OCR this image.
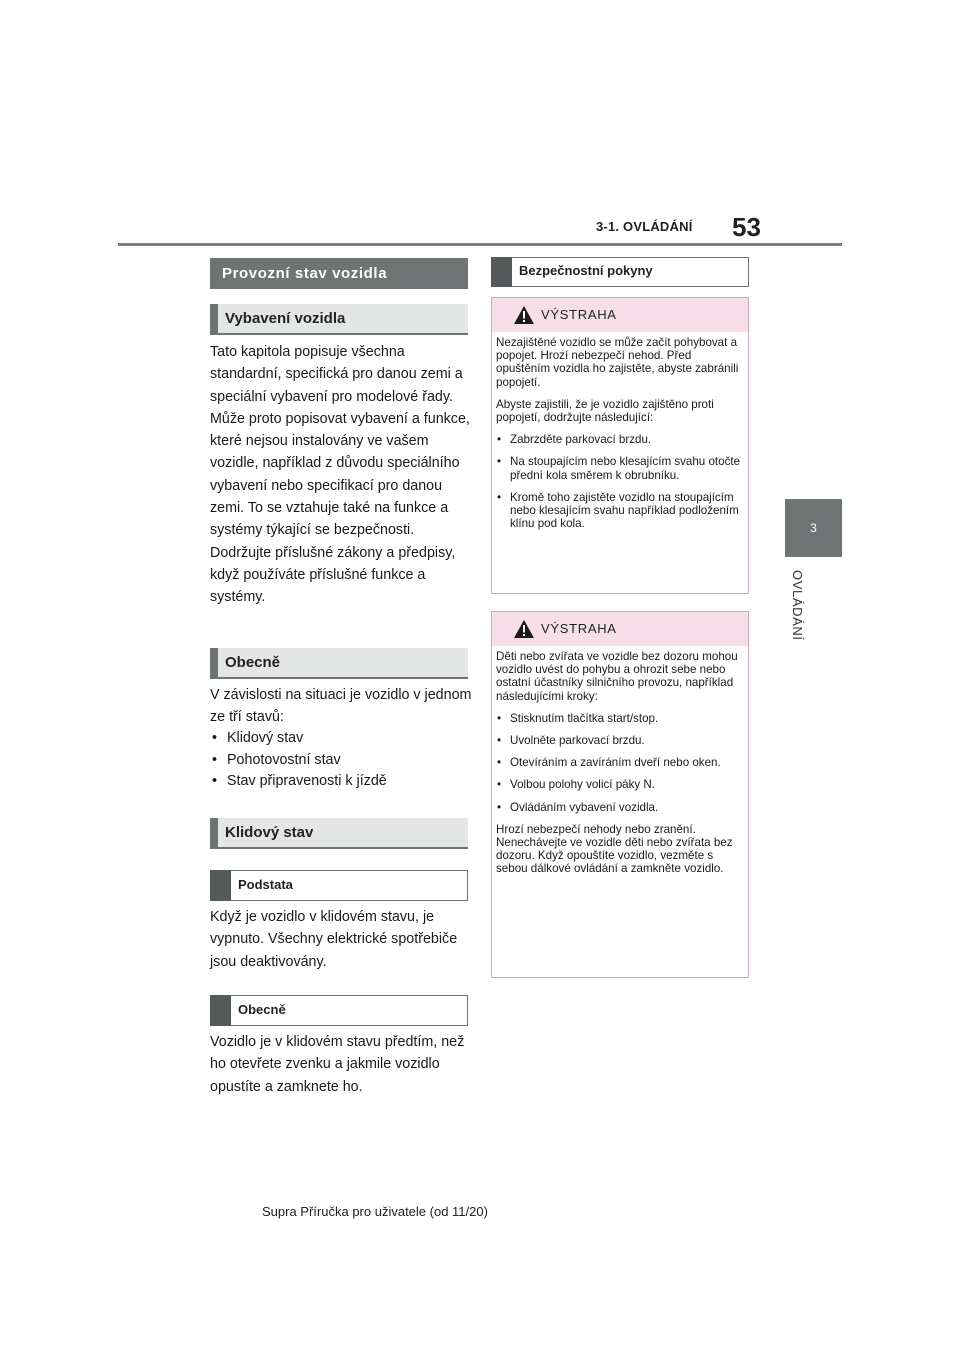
3-1. OVLÁDÁNÍ 53
3
OVLÁDÁNÍ
Provozní stav vozidla
Vybavení vozidla

Tato kapitola popisuje všechna standardní, specifická pro danou zemi a speciální vybavení pro modelové řady. Může proto popisovat vybavení a funkce, které nejsou instalovány ve vašem vozidle, například z důvodu speciálního vybavení nebo specifikací pro danou zemi. To se vztahuje také na funkce a systémy týkající se bezpečnosti. Dodržujte příslušné zákony a předpisy, když používáte příslušné funkce a systémy.

Obecně
V závislosti na situaci je vozidlo v jednom ze tří stavů:
• Klidový stav
• Pohotovostní stav
• Stav připravenosti k jízdě
Klidový stav
Podstata

Když je vozidlo v klidovém stavu, je vypnuto. Všechny elektrické spotřebiče jsou deaktivovány.

Obecně

Vozidlo je v klidovém stavu předtím, než ho otevřete zvenku a jakmile vozidlo opustíte a zamknete ho.

Bezpečnostní pokyny
VÝSTRAHA

Nezajištěné vozidlo se může začít pohybovat a popojet. Hrozí nebezpečí nehod. Před opuštěním vozidla ho zajistěte, abyste zabránili popojetí.

Abyste zajistili, že je vozidlo zajištěno proti popojetí, dodržujte následující:

• Zabrzděte parkovací brzdu.
• Na stoupajícím nebo klesajícím svahu otočte přední kola směrem k obrubníku.
• Kromě toho zajistěte vozidlo na stoupajícím nebo klesajícím svahu například podložením klínu pod kola.
VÝSTRAHA

Děti nebo zvířata ve vozidle bez dozoru mohou vozidlo uvést do pohybu a ohrozit sebe nebo ostatní účastníky silničního provozu, například následujícími kroky:

• Stisknutím tlačítka start/stop.
• Uvolněte parkovací brzdu.
• Otevíráním a zavíráním dveří nebo oken.
• Volbou polohy volicí páky N.
• Ovládáním vybavení vozidla.

Hrozí nebezpečí nehody nebo zranění. Nenechávejte ve vozidle děti nebo zvířata bez dozoru. Když opouštíte vozidlo, vezměte s sebou dálkové ovládání a zamkněte vozidlo.

Supra Příručka pro uživatele (od 11/20)
